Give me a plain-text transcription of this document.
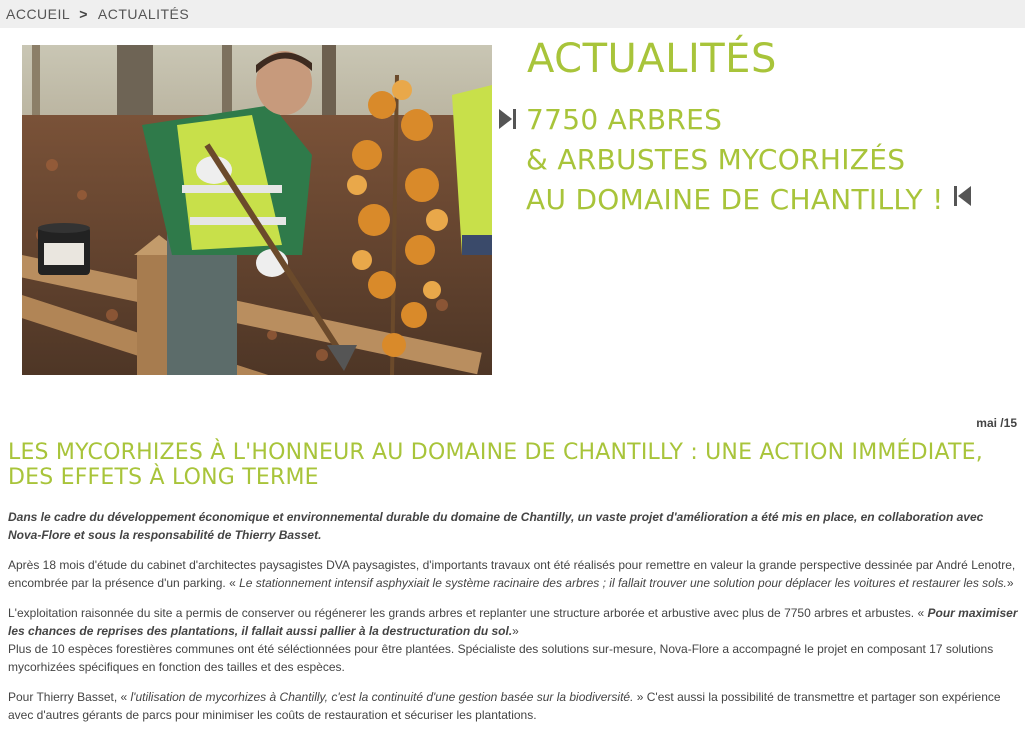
ACCUEIL > ACTUALITÉS
ACTUALITÉS
7750 ARBRES
& ARBUSTES MYCORHIZÉS
AU DOMAINE DE CHANTILLY !
mai /15
LES MYCORHIZES À L'HONNEUR AU DOMAINE DE CHANTILLY : UNE ACTION IMMÉDIATE, DES EFFETS À LONG TERME

Dans le cadre du développement économique et environnemental durable du domaine de Chantilly, un vaste projet d'amélioration a été mis en place, en collaboration avec Nova-Flore et sous la responsabilité de Thierry Basset.

Après 18 mois d'étude du cabinet d'architectes paysagistes DVA paysagistes, d'importants travaux ont été réalisés pour remettre en valeur la grande perspective dessinée par André Lenotre, encombrée par la présence d'un parking. « Le stationnement intensif asphyxiait le système racinaire des arbres ; il fallait trouver une solution pour déplacer les voitures et restaurer les sols.»

L'exploitation raisonnée du site a permis de conserver ou régénerer les grands arbres et replanter une structure arborée et arbustive avec plus de 7750 arbres et arbustes. « Pour maximiser les chances de reprises des plantations, il fallait aussi pallier à la destructuration du sol.»
Plus de 10 espèces forestières communes ont été séléctionnées pour être plantées. Spécialiste des solutions sur-mesure, Nova-Flore a accompagné le projet en composant 17 solutions mycorhizées spécifiques en fonction des tailles et des espèces.

Pour Thierry Basset, « l'utilisation de mycorhizes à Chantilly, c'est la continuité d'une gestion basée sur la biodiversité. » C'est aussi la possibilité de transmettre et partager son expérience avec d'autres gérants de parcs pour minimiser les coûts de restauration et sécuriser les plantations.
